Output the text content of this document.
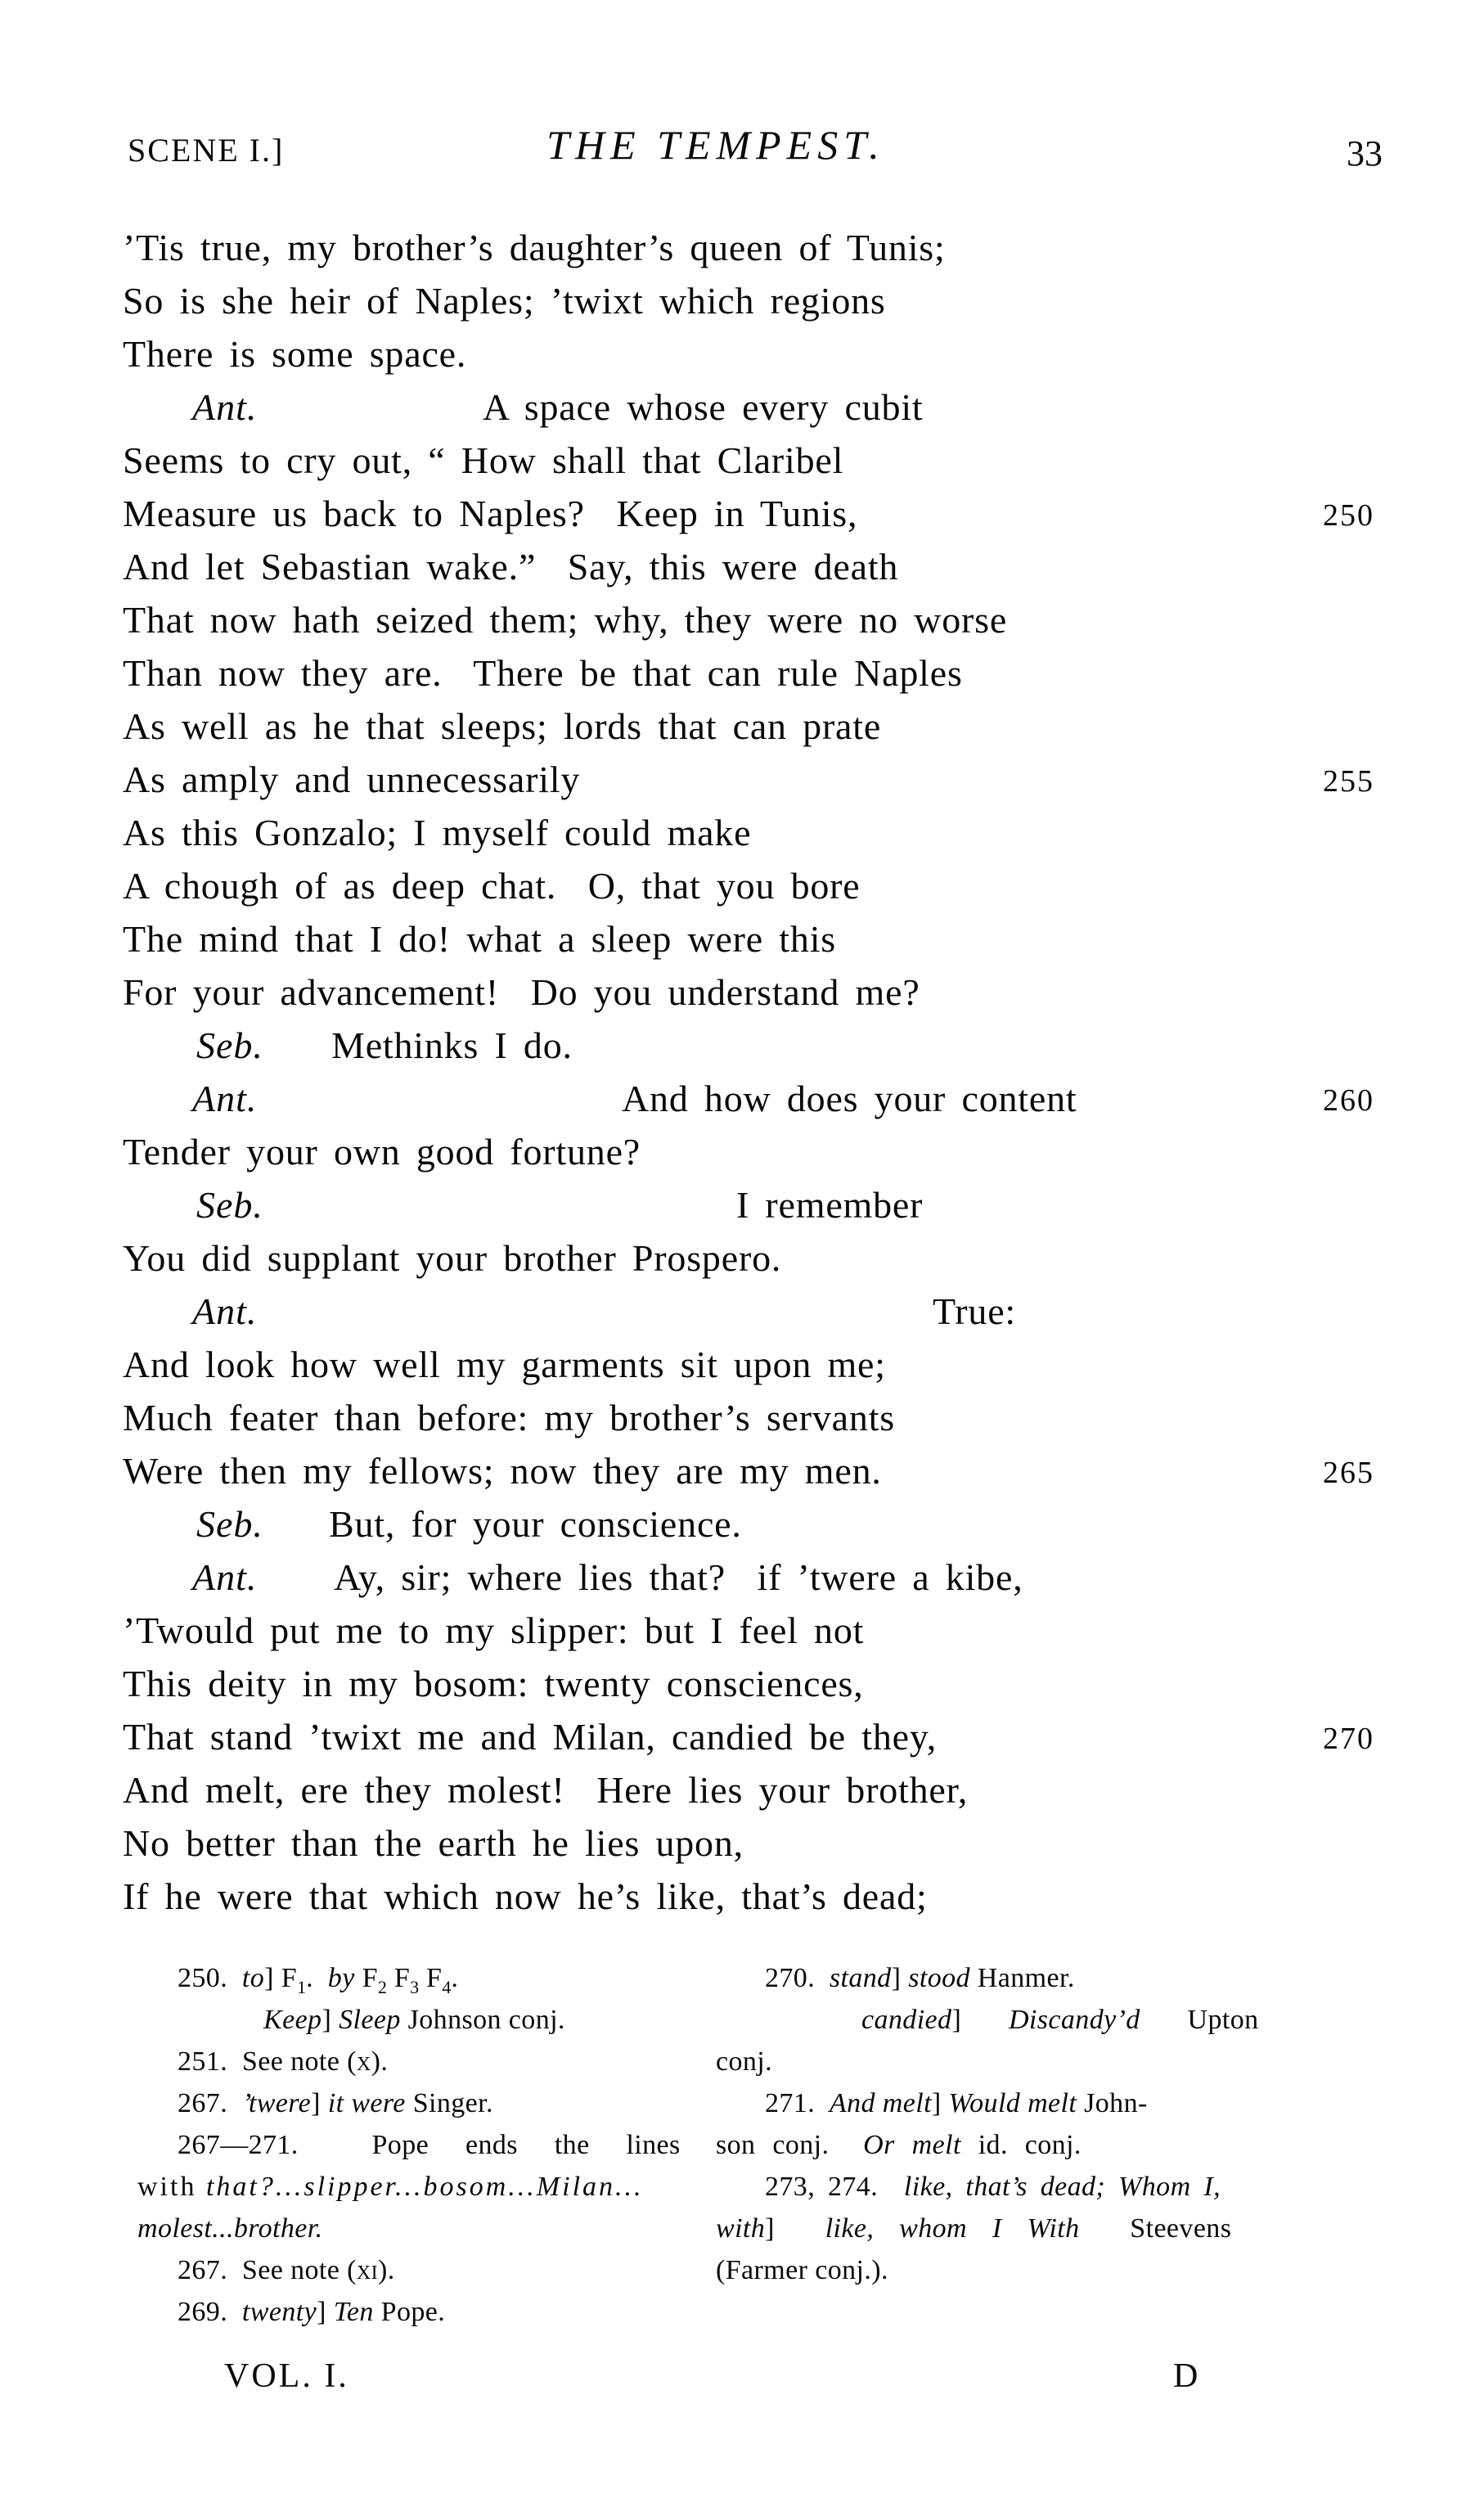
SCENE I.]	THE TEMPEST.	33
’Tis true, my brother’s daughter’s queen of Tunis;
So is she heir of Naples; ’twixt which regions
There is some space.
Ant.	A space whose every cubit
Seems to cry out, “ How shall that Claribel
Measure us back to Naples?  Keep in Tunis,	250
And let Sebastian wake.”  Say, this were death
That now hath seized them; why, they were no worse
Than now they are.  There be that can rule Naples
As well as he that sleeps; lords that can prate
As amply and unnecessarily	255
As this Gonzalo; I myself could make
A chough of as deep chat.  O, that you bore
The mind that I do! what a sleep were this
For your advancement!  Do you understand me?
Seb. Methinks I do.
Ant.	And how does your content	260
Tender your own good fortune?
Seb.	I remember
You did supplant your brother Prospero.
Ant.	True:
And look how well my garments sit upon me;
Much feater than before: my brother’s servants
Were then my fellows; now they are my men.	265
Seb. But, for your conscience.
Ant. Ay, sir; where lies that?  if ’twere a kibe,
’Twould put me to my slipper: but I feel not
This deity in my bosom: twenty consciences,
That stand ’twixt me and Milan, candied be they,	270
And melt, ere they molest!  Here lies your brother,
No better than the earth he lies upon,
If he were that which now he’s like, that’s dead;
250.  to] $F_1$.  by $F_2$ $F_3$ $F_4$.
Keep] Sleep Johnson conj.
251.  See note (x).
267.  ’twere] it were Singer.
267—271.  Pope ends the lines
with that?...slipper...bosom...Milan...
molest...brother.
267.  See note (xi).
269.  twenty] Ten Pope.
270.  stand] stood Hanmer.
candied]  Discandy’d  Upton
conj.
271.  And melt] Would melt John-
son conj.  Or melt id. conj.
273, 274.  like, that’s dead; Whom I,
with]  like, whom I With  Steevens
(Farmer conj.).
VOL. I.	D
